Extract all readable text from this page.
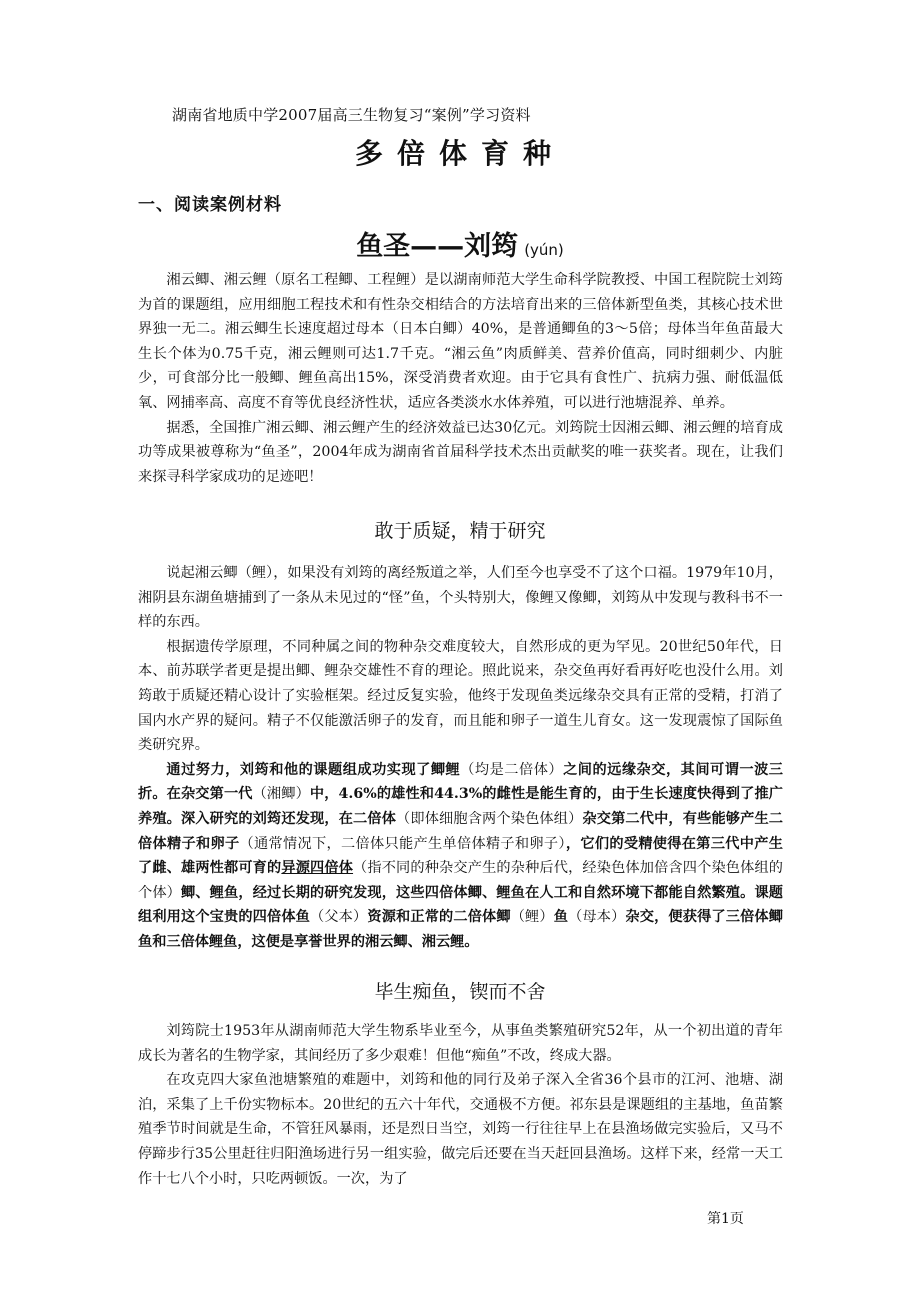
湖南省地质中学2007届高三生物复习“案例”学习资料
多倍体育种
一、阅读案例材料
鱼圣——刘筠 (yún)

湘云鲫、湘云鲤（原名工程鲫、工程鲤）是以湖南师范大学生命科学院教授、中国工程院院士刘筠为首的课题组，应用细胞工程技术和有性杂交相结合的方法培育出来的三倍体新型鱼类，其核心技术世界独一无二。湘云鲫生长速度超过母本（日本白鲫）40%，是普通鲫鱼的3～5倍；母体当年鱼苗最大生长个体为0.75千克，湘云鲤则可达1.7千克。“湘云鱼”肉质鲜美、营养价值高，同时细刺少、内脏少，可食部分比一般鲫、鲤鱼高出15%，深受消费者欢迎。由于它具有食性广、抗病力强、耐低温低氧、网捕率高、高度不育等优良经济性状，适应各类淡水水体养殖，可以进行池塘混养、单养。

据悉，全国推广湘云鲫、湘云鲤产生的经济效益已达30亿元。刘筠院士因湘云鲫、湘云鲤的培育成功等成果被尊称为“鱼圣”，2004年成为湖南省首届科学技术杰出贡献奖的唯一获奖者。现在，让我们来探寻科学家成功的足迹吧！

敢于质疑，精于研究

说起湘云鲫（鲤），如果没有刘筠的离经叛道之举，人们至今也享受不了这个口福。1979年10月，湘阴县东湖鱼塘捕到了一条从未见过的“怪”鱼，个头特别大，像鲤又像鲫，刘筠从中发现与教科书不一样的东西。

根据遗传学原理，不同种属之间的物种杂交难度较大，自然形成的更为罕见。20世纪50年代，日本、前苏联学者更是提出鲫、鲤杂交雄性不育的理论。照此说来，杂交鱼再好看再好吃也没什么用。刘筠敢于质疑还精心设计了实验框架。经过反复实验，他终于发现鱼类远缘杂交具有正常的受精，打消了国内水产界的疑问。精子不仅能激活卵子的发育，而且能和卵子一道生儿育女。这一发现震惊了国际鱼类研究界。

通过努力，刘筠和他的课题组成功实现了鲫鲤（均是二倍体）之间的远缘杂交，其间可谓一波三折。在杂交第一代（湘鲫）中，4.6%的雄性和44.3%的雌性是能生育的，由于生长速度快得到了推广养殖。深入研究的刘筠还发现，在二倍体（即体细胞含两个染色体组）杂交第二代中，有些能够产生二倍体精子和卵子（通常情况下，二倍体只能产生单倍体精子和卵子），它们的受精使得在第三代中产生了雌、雄两性都可育的异源四倍体（指不同的种杂交产生的杂种后代，经染色体加倍含四个染色体组的个体）鲫、鲤鱼，经过长期的研究发现，这些四倍体鲫、鲤鱼在人工和自然环境下都能自然繁殖。课题组利用这个宝贵的四倍体鱼（父本）资源和正常的二倍体鲫（鲤）鱼（母本）杂交，便获得了三倍体鲫鱼和三倍体鲤鱼，这便是享誉世界的湘云鲫、湘云鲤。

毕生痴鱼，锲而不舍

刘筠院士1953年从湖南师范大学生物系毕业至今，从事鱼类繁殖研究52年，从一个初出道的青年成长为著名的生物学家，其间经历了多少艰难！但他“痴鱼”不改，终成大器。

在攻克四大家鱼池塘繁殖的难题中，刘筠和他的同行及弟子深入全省36个县市的江河、池塘、湖泊，采集了上千份实物标本。20世纪的五六十年代，交通极不方便。祁东县是课题组的主基地，鱼苗繁殖季节时间就是生命，不管狂风暴雨，还是烈日当空，刘筠一行往往早上在县渔场做完实验后，又马不停蹄步行35公里赶往归阳渔场进行另一组实验，做完后还要在当天赶回县渔场。这样下来，经常一天工作十七八个小时，只吃两顿饭。一次，为了

第1页
